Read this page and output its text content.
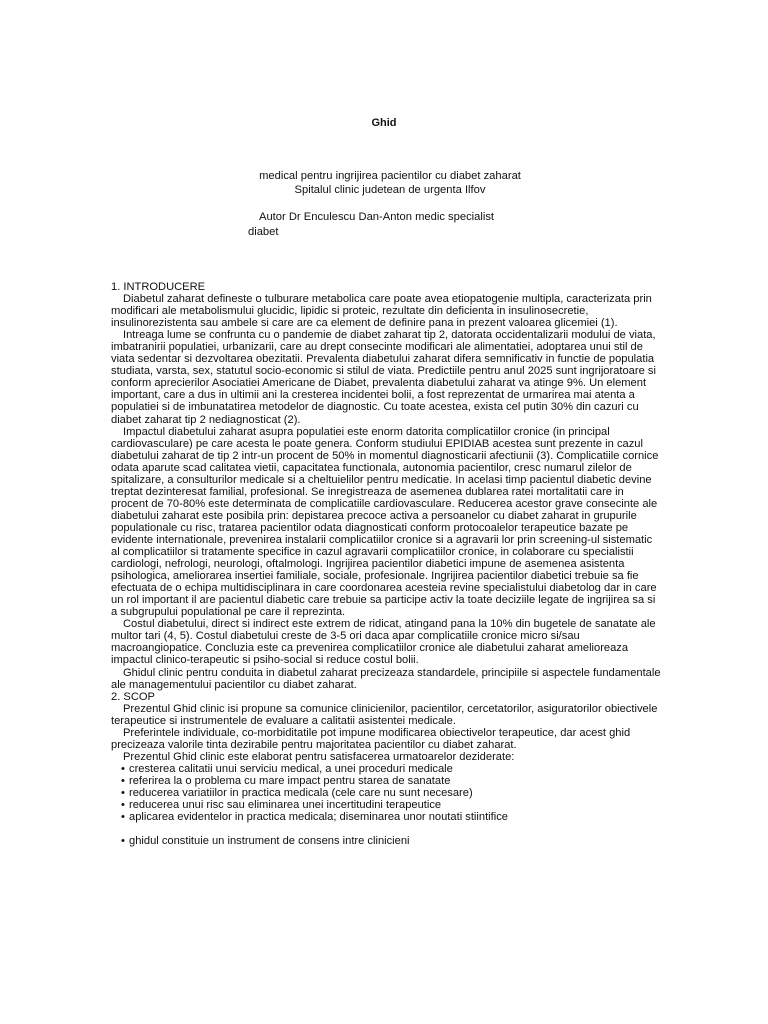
Ghid
medical pentru ingrijirea pacientilor cu diabet zaharat
Spitalul clinic judetean de urgenta Ilfov
Autor Dr Enculescu Dan-Anton medic specialist diabet

1. INTRODUCERE

Diabetul zaharat defineste o tulburare metabolica care poate avea etiopatogenie multipla, caracterizata prin modificari ale metabolismului glucidic, lipidic si proteic, rezultate din deficienta in insulinosecretie, insulinorezistenta sau ambele si care are ca element de definire pana in prezent valoarea glicemiei (1).

Intreaga lume se confrunta cu o pandemie de diabet zaharat tip 2, datorata occidentalizarii modului de viata, imbatranirii populatiei, urbanizarii, care au drept consecinte modificari ale alimentatiei, adoptarea unui stil de viata sedentar si dezvoltarea obezitatii. Prevalenta diabetului zaharat difera semnificativ in functie de populatia studiata, varsta, sex, statutul socio-economic si stilul de viata. Predictiile pentru anul 2025 sunt ingrijoratoare si conform aprecierilor Asociatiei Americane de Diabet, prevalenta diabetului zaharat va atinge 9%. Un element important, care a dus in ultimii ani la cresterea incidentei bolii, a fost reprezentat de urmarirea mai atenta a populatiei si de imbunatatirea metodelor de diagnostic. Cu toate acestea, exista cel putin 30% din cazuri cu diabet zaharat tip 2 nediagnosticat (2).

Impactul diabetului zaharat asupra populatiei este enorm datorita complicatiilor cronice (in principal cardiovasculare) pe care acesta le poate genera. Conform studiului EPIDIAB acestea sunt prezente in cazul diabetului zaharat de tip 2 intr-un procent de 50% in momentul diagnosticarii afectiunii (3). Complicatiile cornice odata aparute scad calitatea vietii, capacitatea functionala, autonomia pacientilor, cresc numarul zilelor de spitalizare, a consulturilor medicale si a cheltuielilor pentru medicatie. In acelasi timp pacientul diabetic devine treptat dezinteresat familial, profesional. Se inregistreaza de asemenea dublarea ratei mortalitatii care in procent de 70-80% este determinata de complicatiile cardiovasculare. Reducerea acestor grave consecinte ale diabetului zaharat este posibila prin: depistarea precoce activa a persoanelor cu diabet zaharat in grupurile populationale cu risc, tratarea pacientilor odata diagnosticati conform protocoalelor terapeutice bazate pe evidente internationale, prevenirea instalarii complicatiilor cronice si a agravarii lor prin screening-ul sistematic al complicatiilor si tratamente specifice in cazul agravarii complicatiilor cronice, in colaborare cu specialistii cardiologi, nefrologi, neurologi, oftalmologi. Ingrijirea pacientilor diabetici impune de asemenea asistenta psihologica, ameliorarea insertiei familiale, sociale, profesionale. Ingrijirea pacientilor diabetici trebuie sa fie efectuata de o echipa multidisciplinara in care coordonarea acesteia revine specialistului diabetolog dar in care un rol important il are pacientul diabetic care trebuie sa participe activ la toate deciziile legate de ingrijirea sa si a subgrupului populational pe care il reprezinta.

Costul diabetului, direct si indirect este extrem de ridicat, atingand pana la 10% din bugetele de sanatate ale multor tari (4, 5). Costul diabetului creste de 3-5 ori daca apar complicatiile cronice micro si/sau macroangiopatice. Concluzia este ca prevenirea complicatiilor cronice ale diabetului zaharat amelioreaza impactul clinico-terapeutic si psiho-social si reduce costul bolii.

Ghidul clinic pentru conduita in diabetul zaharat precizeaza standardele, principiile si aspectele fundamentale ale managementului pacientilor cu diabet zaharat.

2. SCOP

Prezentul Ghid clinic isi propune sa comunice clinicienilor, pacientilor, cercetatorilor, asiguratorilor obiectivele terapeutice si instrumentele de evaluare a calitatii asistentei medicale.

Preferintele individuale, co-morbiditatile pot impune modificarea obiectivelor terapeutice, dar acest ghid precizeaza valorile tinta dezirabile pentru majoritatea pacientilor cu diabet zaharat.

Prezentul Ghid clinic este elaborat pentru satisfacerea urmatoarelor deziderate:

• cresterea calitatii unui serviciu medical, a unei proceduri medicale
• referirea la o problema cu mare impact pentru starea de sanatate
• reducerea variatiilor in practica medicala (cele care nu sunt necesare)
• reducerea unui risc sau eliminarea unei incertitudini terapeutice
• aplicarea evidentelor in practica medicala; diseminarea unor noutati stiintifice
• ghidul constituie un instrument de consens intre clinicieni
